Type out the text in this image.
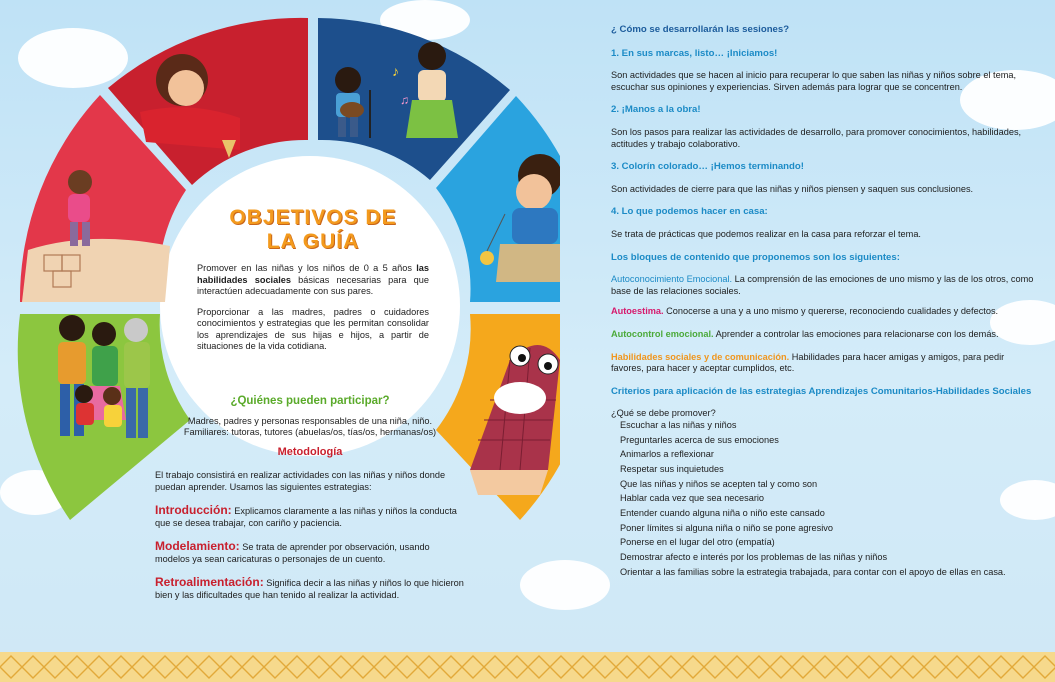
♪
♫
OBJETIVOS DE
LA GUÍA
Promover en las niñas y los niños de 0 a 5 años las habilidades sociales básicas necesarias para que interactúen adecuadamente con sus pares.
Proporcionar a las madres, padres o cuidadores conocimientos y estrategias que les permitan consolidar los aprendizajes de sus hijas e hijos, a partir de situaciones de la vida cotidiana.
¿Quiénes pueden participar?
Madres, padres y personas responsables de una niña, niño.
Familiares: tutoras, tutores (abuelas/os, tías/os, hermanas/os)
Metodología
El trabajo consistirá en realizar actividades con las niñas y niños donde puedan aprender. Usamos las siguientes estrategias:
Introducción: Explicamos claramente a las niñas y niños la conducta que se desea trabajar, con cariño y paciencia.
Modelamiento: Se trata de aprender por observación, usando modelos ya sean caricaturas o personajes de un cuento.
Retroalimentación: Significa decir a las niñas y niños lo que hicieron bien y las dificultades que han tenido al realizar la actividad.

¿ Cómo se desarrollarán las sesiones?

1. En sus marcas, listo… ¡Iniciamos!

Son actividades que se hacen al inicio para recuperar lo que saben las niñas y niños sobre el tema, escuchar sus opiniones y experiencias. Sirven además para lograr que se concentren.

2. ¡Manos a la obra!

Son los pasos para realizar las actividades de desarrollo, para promover conocimientos, habilidades, actitudes y trabajo colaborativo.

3. Colorín colorado… ¡Hemos terminando!

Son actividades de cierre para que las niñas y niños piensen y saquen sus conclusiones.

4. Lo que podemos hacer en casa:

Se trata de prácticas que podemos realizar en la casa para reforzar el tema.

Los bloques de contenido que proponemos son los siguientes:

Autoconocimiento Emocional. La comprensión de las emociones de uno mismo y las de los otros, como base de las relaciones sociales.

Autoestima. Conocerse a una y a uno mismo y quererse, reconociendo cualidades y defectos.

Autocontrol emocional. Aprender a controlar las emociones para relacionarse con los demás.

Habilidades sociales y de comunicación. Habilidades para hacer amigas y amigos, para pedir favores, para hacer y aceptar cumplidos, etc.

Criterios para aplicación de las estrategias Aprendizajes Comunitarios-Habilidades Sociales

¿Qué se debe promover?

Escuchar a las niñas y niños
Preguntarles acerca de sus emociones
Animarlos a reflexionar
Respetar sus inquietudes
Que las niñas y niños se acepten tal y como son
Hablar cada vez que sea necesario
Entender cuando alguna niña o niño este cansado
Poner límites si alguna niña o niño se pone agresivo
Ponerse en el lugar del otro (empatía)
Demostrar afecto e interés por los problemas de las niñas y niños
Orientar a las familias sobre la estrategia trabajada, para contar con el apoyo de ellas en casa.
